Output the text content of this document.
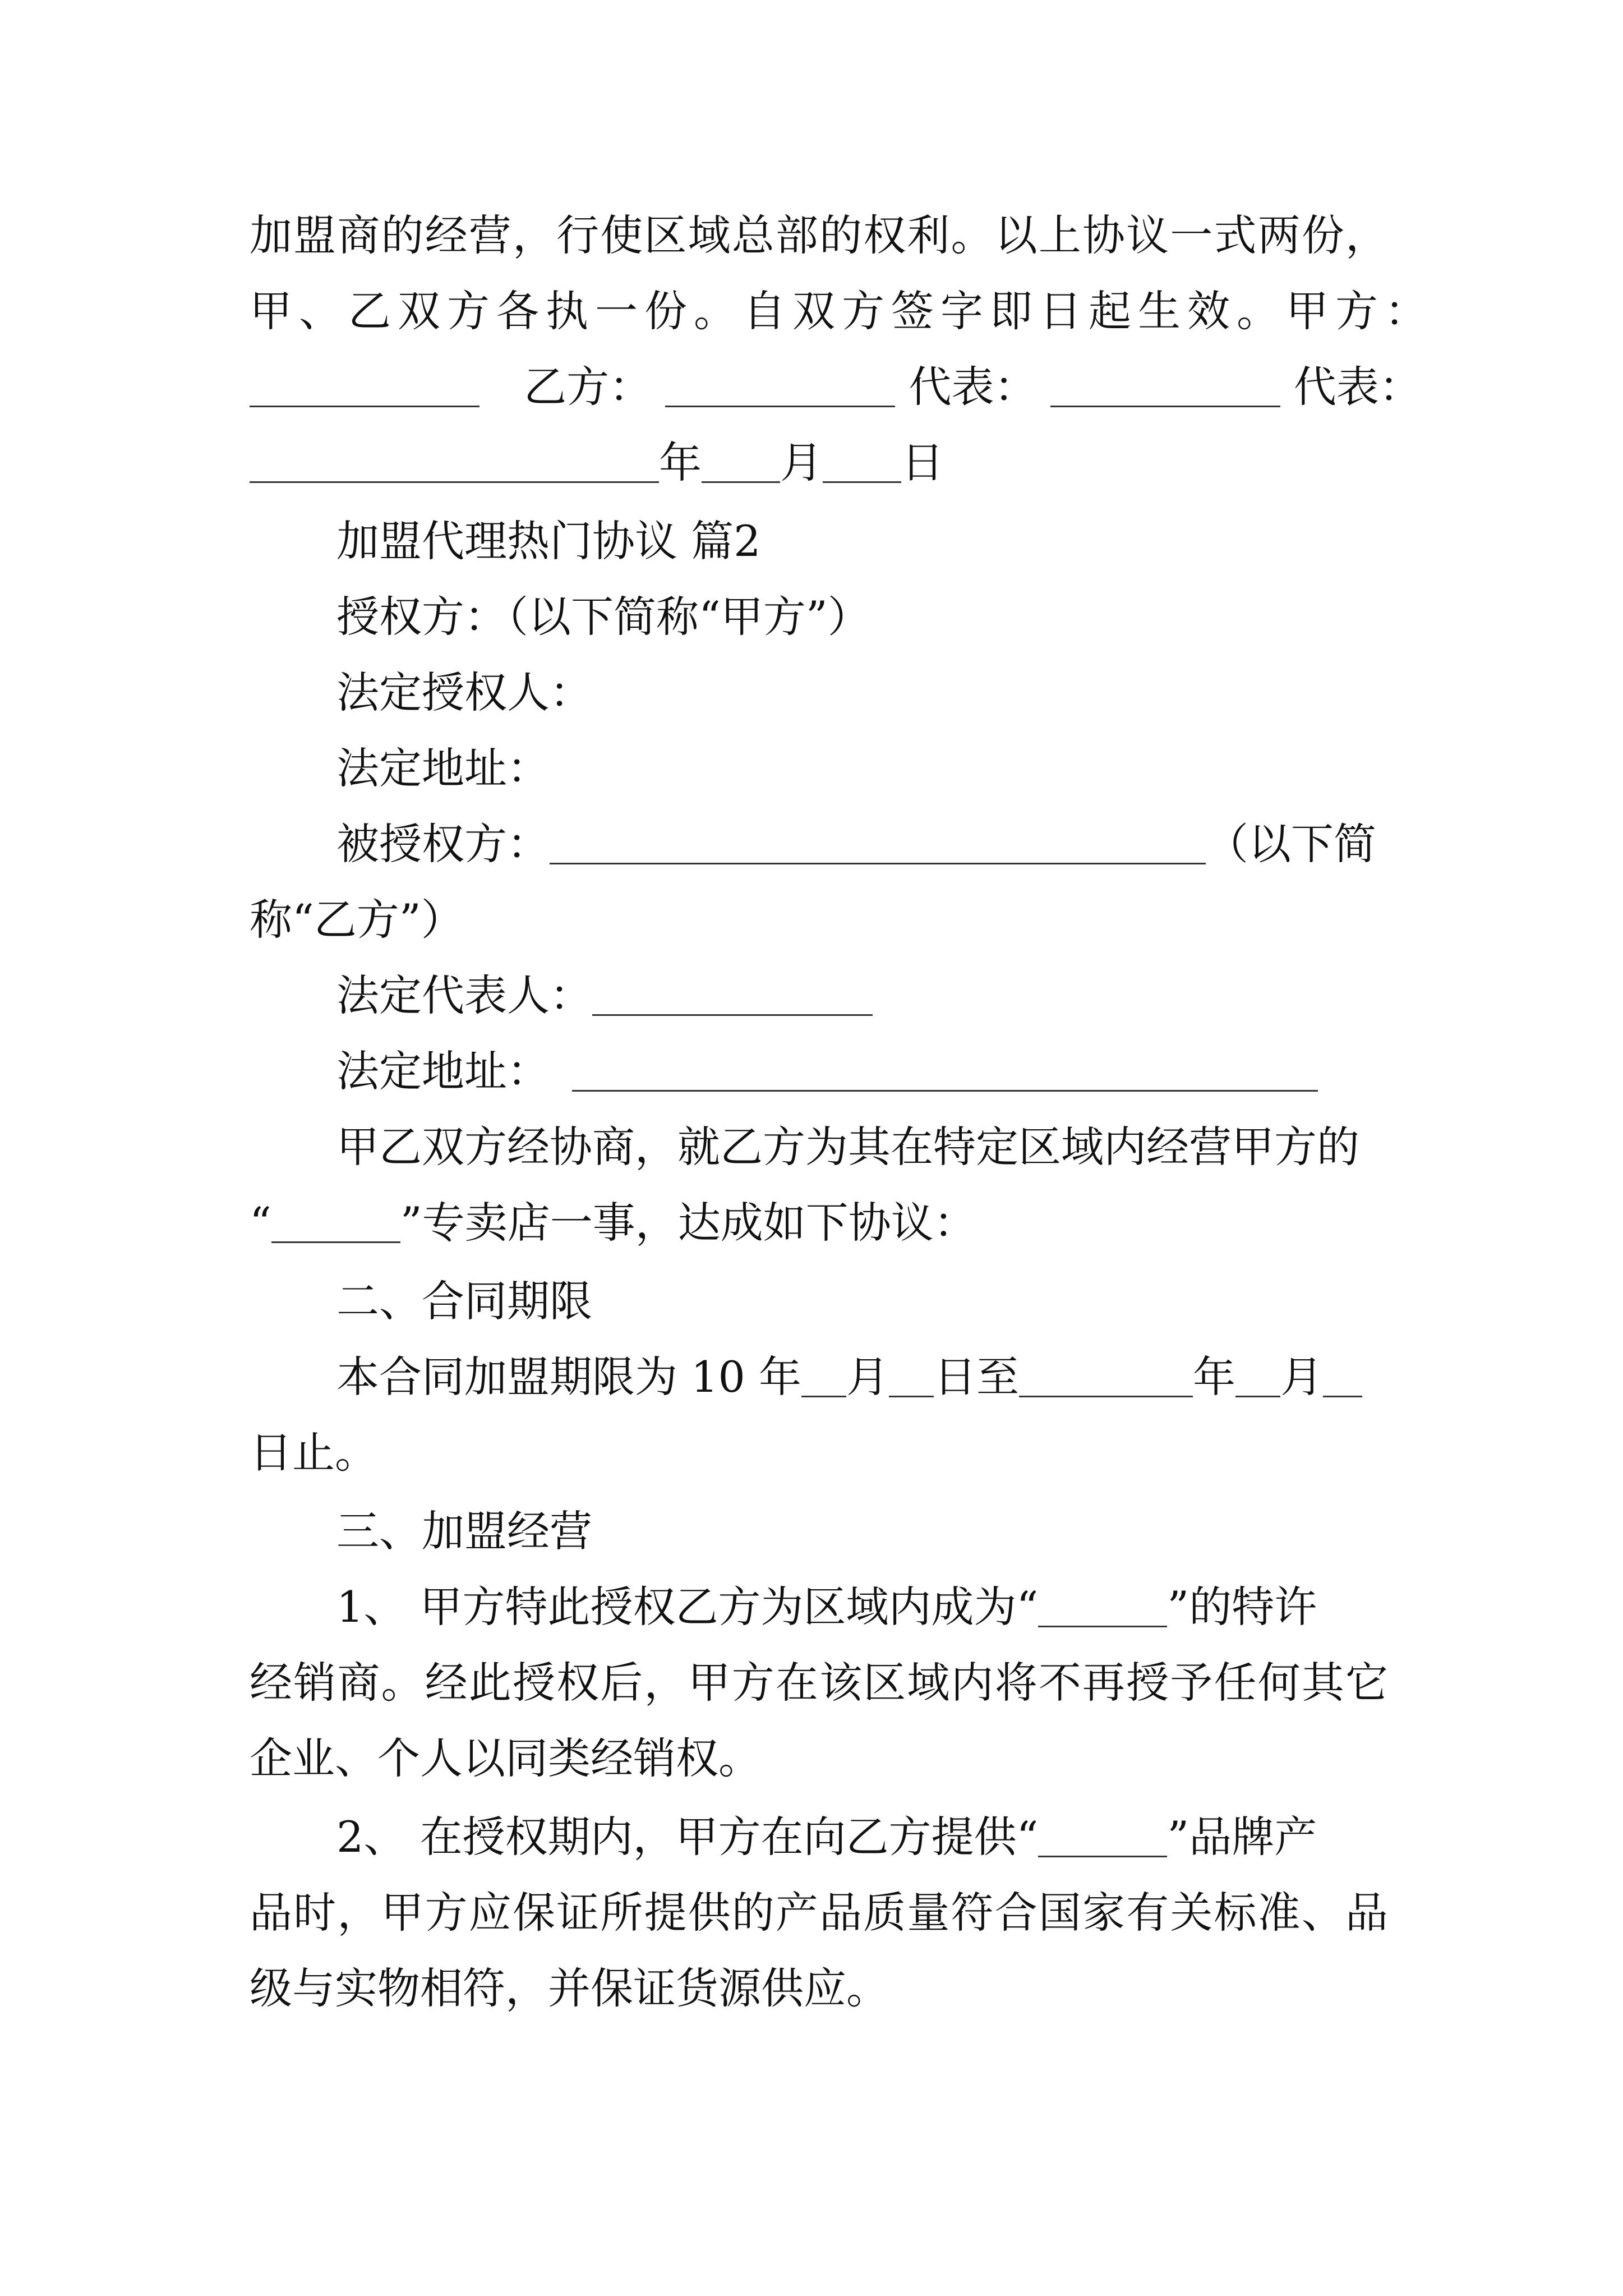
加盟商的经营，行使区域总部的权利。以上协议一式两份，
甲、乙双方各执一份。自双方签字即日起生效。甲方：
乙方：	代表：	代表：
年 月 日
加盟代理热门协议 篇2
授权方：（以下简称“甲方”）
法定授权人：
法定地址：
被授权方：	（以下简
称“乙方”）
法定代表人：
法定地址：
甲乙双方经协商，就乙方为其在特定区域内经营甲方的
“	”专卖店一事，达成如下协议：
二、合同期限
本合同加盟期限为 10 年 月 日至	年 月
日止。
三、加盟经营
1、 甲方特此授权乙方为区域内成为“	”的特许
经销商。经此授权后，甲方在该区域内将不再授予任何其它
企业、个人以同类经销权。
2、 在授权期内，甲方在向乙方提供“	”品牌产
品时，甲方应保证所提供的产品质量符合国家有关标准、品
级与实物相符，并保证货源供应。
